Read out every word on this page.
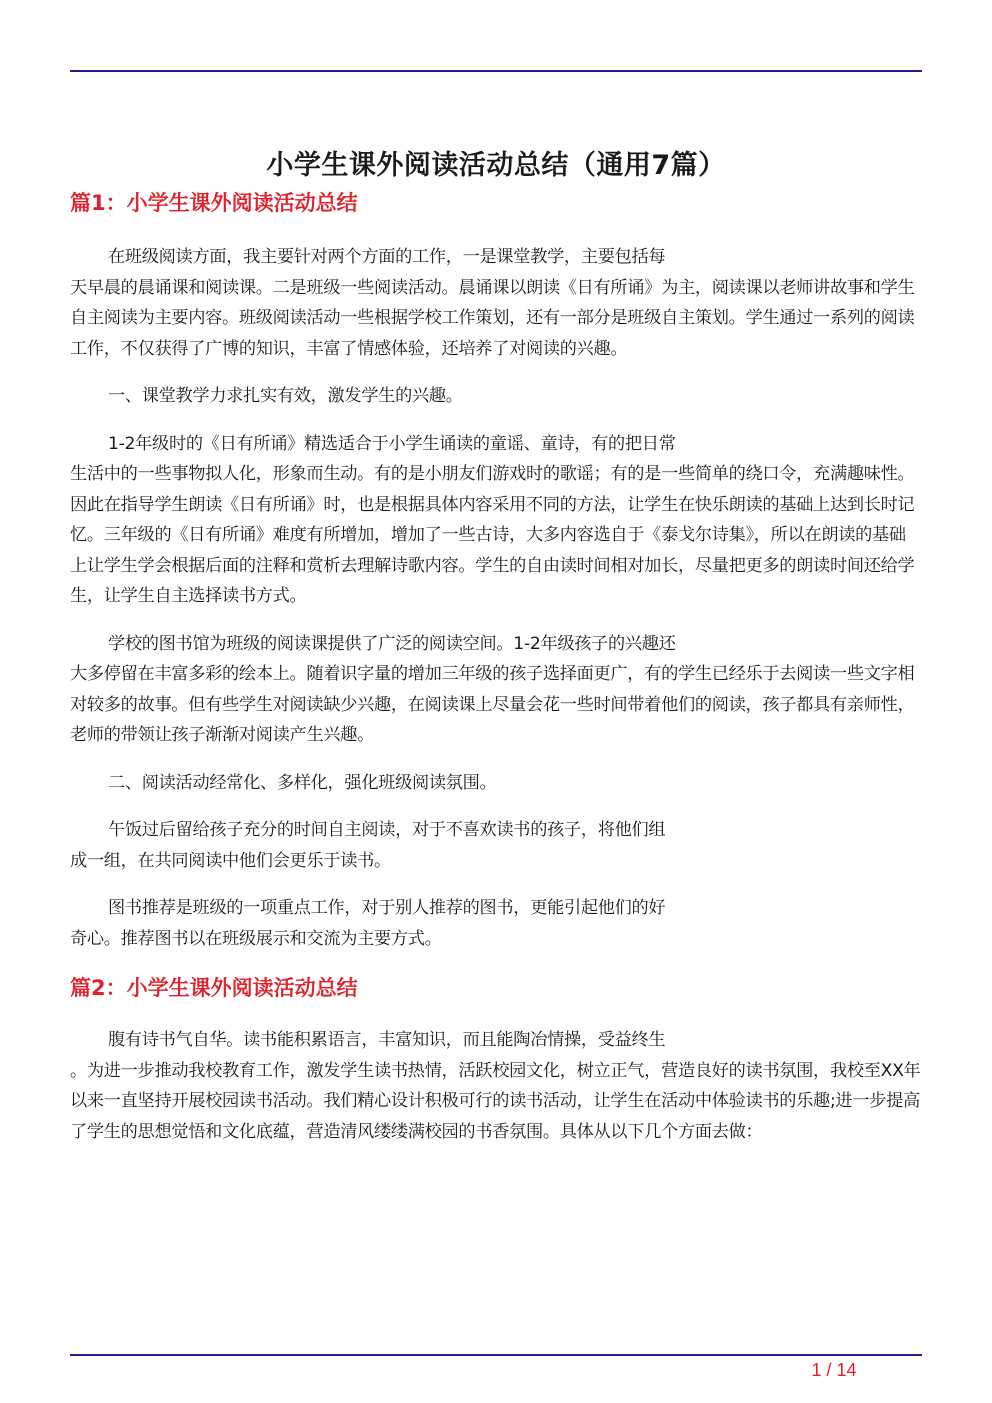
小学生课外阅读活动总结（通用7篇）
篇1：小学生课外阅读活动总结

在班级阅读方面，我主要针对两个方面的工作，一是课堂教学，主要包括每
天早晨的晨诵课和阅读课。二是班级一些阅读活动。晨诵课以朗读《日有所诵》为主，阅读课以老师讲故事和学生自主阅读为主要内容。班级阅读活动一些根据学校工作策划，还有一部分是班级自主策划。学生通过一系列的阅读工作，不仅获得了广博的知识，丰富了情感体验，还培养了对阅读的兴趣。

一、课堂教学力求扎实有效，激发学生的兴趣。

1-2年级时的《日有所诵》精选适合于小学生诵读的童谣、童诗，有的把日常
生活中的一些事物拟人化，形象而生动。有的是小朋友们游戏时的歌谣；有的是一些简单的绕口令，充满趣味性。因此在指导学生朗读《日有所诵》时，也是根据具体内容采用不同的方法，让学生在快乐朗读的基础上达到长时记忆。三年级的《日有所诵》难度有所增加，增加了一些古诗，大多内容选自于《泰戈尔诗集》，所以在朗读的基础上让学生学会根据后面的注释和赏析去理解诗歌内容。学生的自由读时间相对加长，尽量把更多的朗读时间还给学生，让学生自主选择读书方式。

学校的图书馆为班级的阅读课提供了广泛的阅读空间。1-2年级孩子的兴趣还
大多停留在丰富多彩的绘本上。随着识字量的增加三年级的孩子选择面更广，有的学生已经乐于去阅读一些文字相对较多的故事。但有些学生对阅读缺少兴趣，在阅读课上尽量会花一些时间带着他们的阅读，孩子都具有亲师性，老师的带领让孩子渐渐对阅读产生兴趣。

二、阅读活动经常化、多样化，强化班级阅读氛围。

午饭过后留给孩子充分的时间自主阅读，对于不喜欢读书的孩子，将他们组
成一组，在共同阅读中他们会更乐于读书。

图书推荐是班级的一项重点工作，对于别人推荐的图书，更能引起他们的好
奇心。推荐图书以在班级展示和交流为主要方式。

篇2：小学生课外阅读活动总结

腹有诗书气自华。读书能积累语言，丰富知识，而且能陶冶情操，受益终生
。为进一步推动我校教育工作，激发学生读书热情，活跃校园文化，树立正气，营造良好的读书氛围，我校至XX年以来一直坚持开展校园读书活动。我们精心设计积极可行的读书活动，让学生在活动中体验读书的乐趣;进一步提高了学生的思想觉悟和文化底蕴，营造清风缕缕满校园的书香氛围。具体从以下几个方面去做：

1 / 14
